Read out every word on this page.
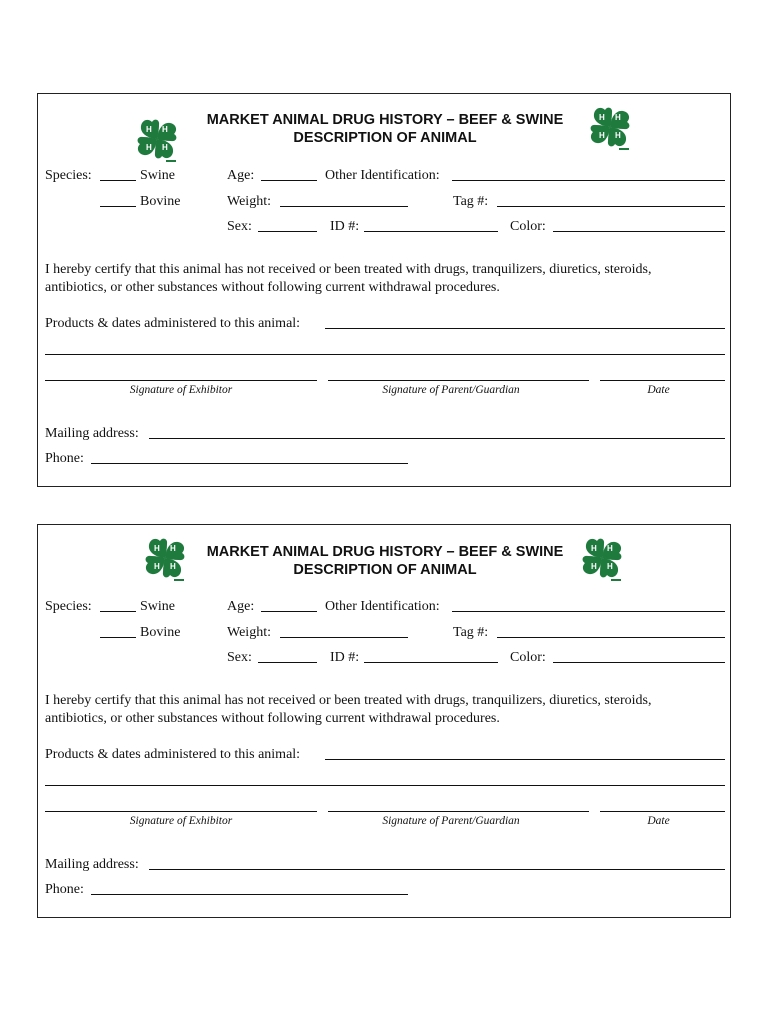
H H
H
H
H H
H
H
MARKET ANIMAL DRUG HISTORY – BEEF & SWINE
DESCRIPTION OF ANIMAL
Species:	Swine	Age:	Other Identification:
Bovine	Weight:	Tag #:
Sex:	ID #:	Color:
I hereby certify that this animal has not received or been treated with drugs, tranquilizers, diuretics, steroids,
antibiotics, or other substances without following current withdrawal procedures.
Products & dates administered to this animal:
Signature of Exhibitor	Signature of Parent/Guardian	Date
Mailing address:
Phone:
H H
H
H
H H
H
H
MARKET ANIMAL DRUG HISTORY – BEEF & SWINE
DESCRIPTION OF ANIMAL
Species:	Swine	Age:	Other Identification:
Bovine	Weight:	Tag #:
Sex:	ID #:	Color:
I hereby certify that this animal has not received or been treated with drugs, tranquilizers, diuretics, steroids,
antibiotics, or other substances without following current withdrawal procedures.
Products & dates administered to this animal:
Signature of Exhibitor	Signature of Parent/Guardian	Date
Mailing address:
Phone:
